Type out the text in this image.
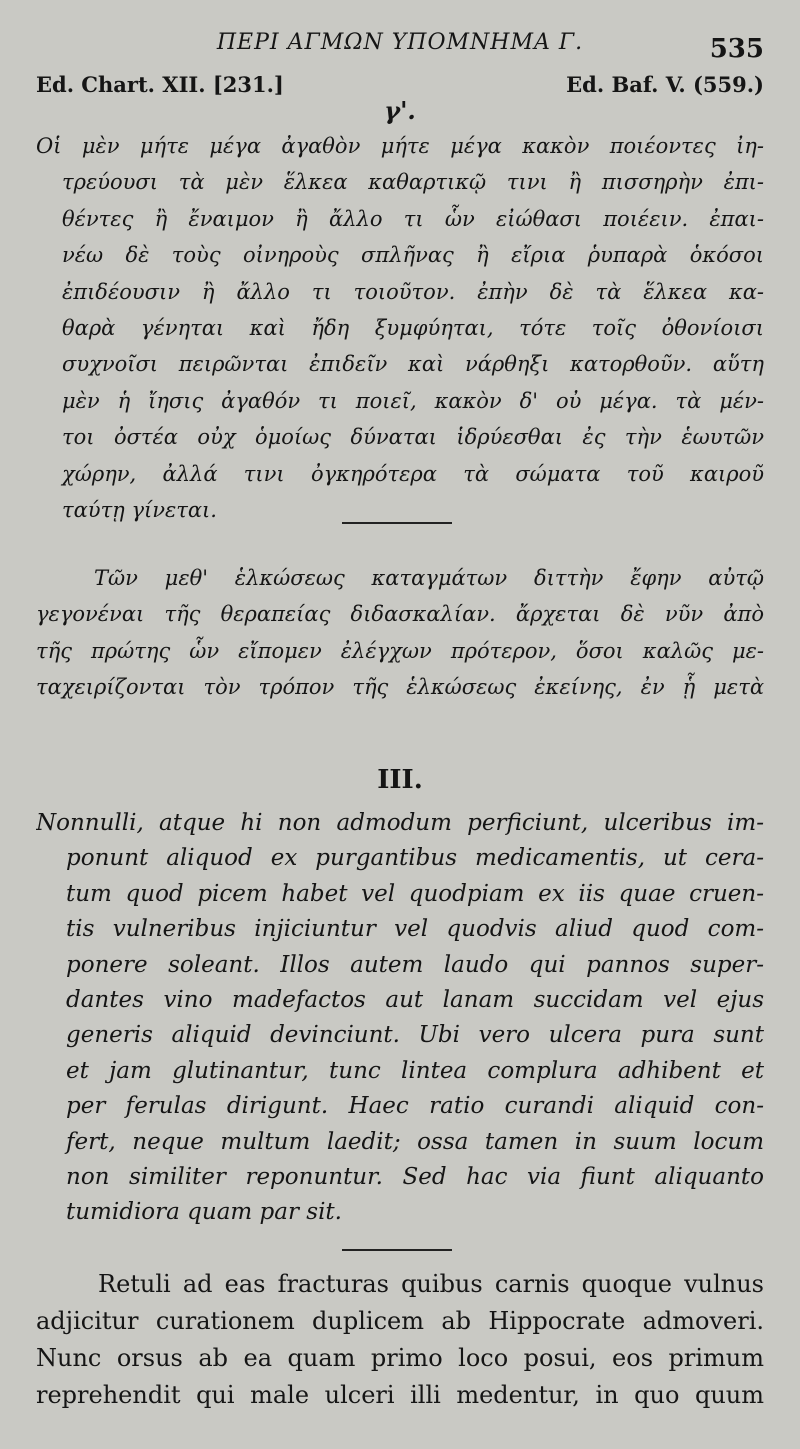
ΠΕΡΙ ΑΓΜΩΝ ΥΠΟΜΝΗΜΑ Γ.	535
Ed. Chart. XII. [231.]	Ed. Baf. V. (559.)
γ'.
Οἱ μὲν μήτε μέγα ἀγαθὸν μήτε μέγα κακὸν ποιέοντες ἰη-
τρεύουσι τὰ μὲν ἕλκεα καθαρτικῷ τινι ἢ πισσηρὴν ἐπι-
θέντες ἢ ἔναιμον ἢ ἄλλο τι ὧν εἰώθασι ποιέειν. ἐπαι-
νέω δὲ τοὺς οἰνηροὺς σπλῆνας ἢ εἴρια ῥυπαρὰ ὁκόσοι
ἐπιδέουσιν ἢ ἄλλο τι τοιοῦτον. ἐπὴν δὲ τὰ ἕλκεα κα-
θαρὰ γένηται καὶ ἤδη ξυμφύηται, τότε τοῖς ὀθονίοισι
συχνοῖσι πειρῶνται ἐπιδεῖν καὶ νάρθηξι κατορθοῦν. αὕτη
μὲν ἡ ἴησις ἀγαθόν τι ποιεῖ, κακὸν δ' οὐ μέγα. τὰ μέν-
τοι ὀστέα οὐχ ὁμοίως δύναται ἱδρύεσθαι ἐς τὴν ἑωυτῶν
χώρην, ἀλλά τινι ὀγκηρότερα τὰ σώματα τοῦ καιροῦ
ταύτῃ γίνεται.
Τῶν μεθ' ἑλκώσεως καταγμάτων διττὴν ἔφην αὐτῷ
γεγονέναι τῆς θεραπείας διδασκαλίαν. ἄρχεται δὲ νῦν ἀπὸ
τῆς πρώτης ὧν εἴπομεν ἐλέγχων πρότερον, ὅσοι καλῶς με-
ταχειρίζονται τὸν τρόπον τῆς ἑλκώσεως ἐκείνης, ἐν ᾗ μετὰ
III.
Nonnulli, atque hi non admodum perficiunt, ulceribus im-
ponunt aliquod ex purgantibus medicamentis, ut cera-
tum quod picem habet vel quodpiam ex iis quae cruen-
tis vulneribus injiciuntur vel quodvis aliud quod com-
ponere soleant. Illos autem laudo qui pannos super-
dantes vino madefactos aut lanam succidam vel ejus
generis aliquid devinciunt. Ubi vero ulcera pura sunt
et jam glutinantur, tunc lintea complura adhibent et
per ferulas dirigunt. Haec ratio curandi aliquid con-
fert, neque multum laedit; ossa tamen in suum locum
non similiter reponuntur. Sed hac via fiunt aliquanto
tumidiora quam par sit.
Retuli ad eas fracturas quibus carnis quoque vulnus
adjicitur curationem duplicem ab Hippocrate admoveri.
Nunc orsus ab ea quam primo loco posui, eos primum
reprehendit qui male ulceri illi medentur, in quo quum
